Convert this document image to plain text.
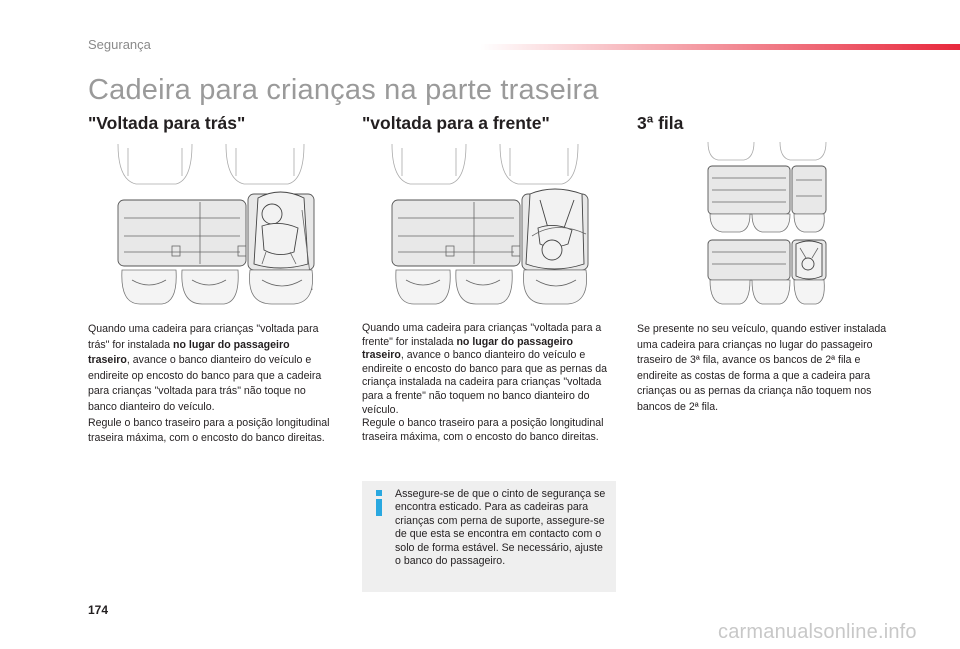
Segurança
Cadeira para crianças na parte traseira
"Voltada para trás"
Quando uma cadeira para crianças "voltada para trás" for instalada no lugar do passageiro traseiro, avance o banco dianteiro do veículo e endireite op encosto do banco para que a cadeira para crianças "voltada para trás" não toque no banco dianteiro do veículo.
Regule o banco traseiro para a posição longitudinal traseira máxima, com o encosto do banco direitas.
"voltada para a frente"
Quando uma cadeira para crianças "voltada para a frente" for instalada no lugar do passageiro traseiro, avance o banco dianteiro do veículo e endireite o encosto do banco para que as pernas da criança instalada na cadeira para crianças "voltada para a frente" não toquem no banco dianteiro do veículo.
Regule o banco traseiro para a posição longitudinal traseira máxima, com o encosto do banco direitas.
Assegure-se de que o cinto de segurança se encontra esticado. Para as cadeiras para crianças com perna de suporte, assegure-se de que esta se encontra em contacto com o solo de forma estável. Se necessário, ajuste o banco do passageiro.
3ª fila
Se presente no seu veículo, quando estiver instalada uma cadeira para crianças no lugar do passageiro traseiro de 3ª fila, avance os bancos de 2ª fila e endireite as costas de forma a que a cadeira para crianças ou as pernas da criança não toquem nos bancos de 2ª fila.
174
carmanualsonline.info
